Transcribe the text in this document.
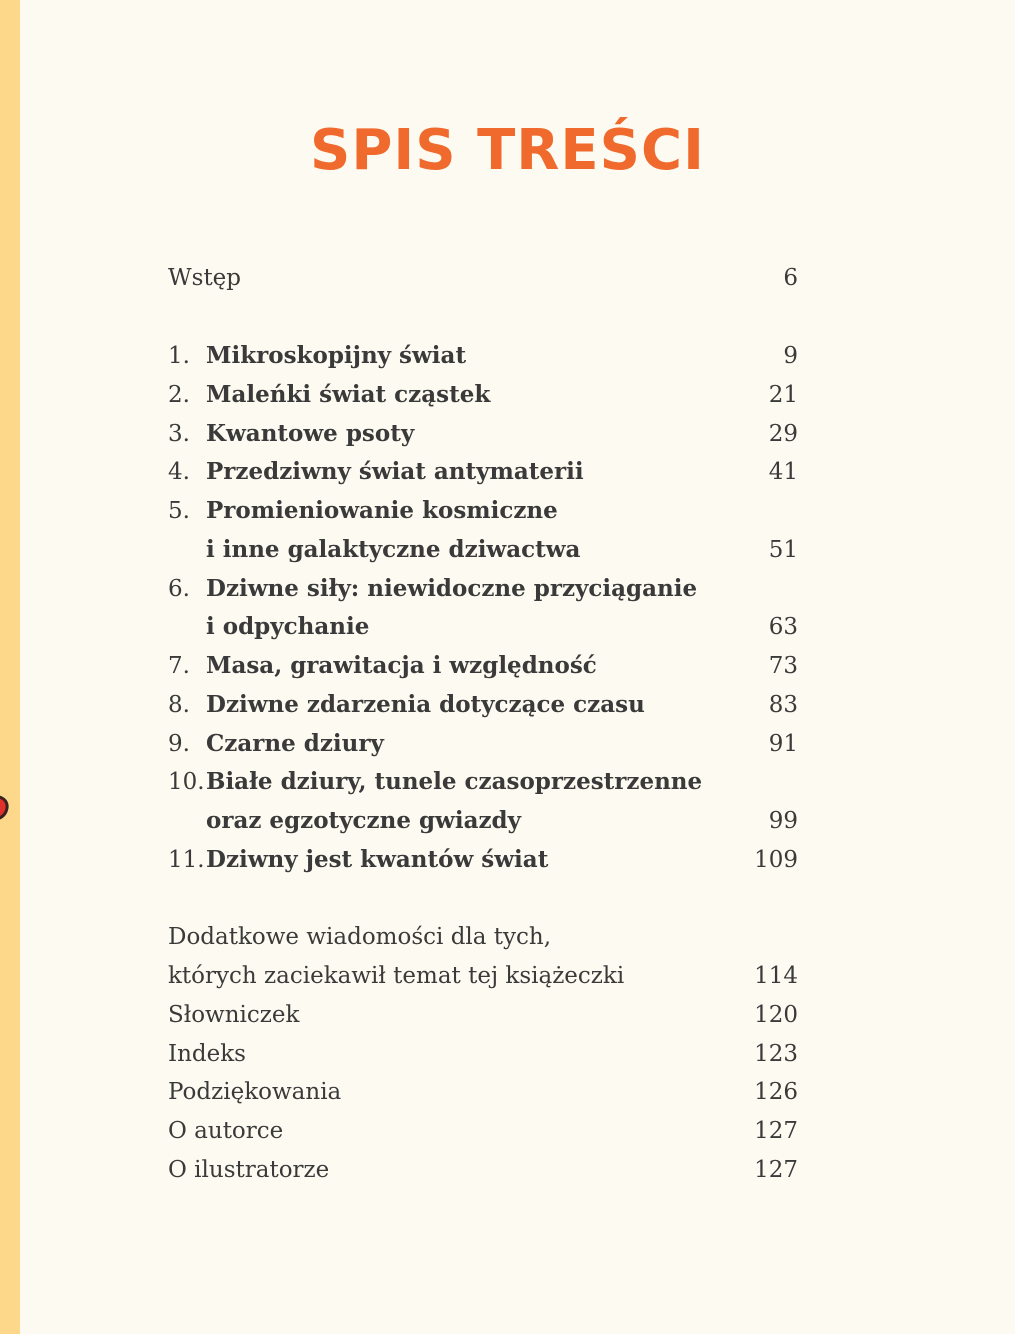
SPIS TREŚCI
Wstęp	6
1. Mikroskopijny świat	9
2. Maleńki świat cząstek	21
3. Kwantowe psoty	29
4. Przedziwny świat antymaterii	41
5. Promieniowanie kosmiczne
i inne galaktyczne dziwactwa	51
6. Dziwne siły: niewidoczne przyciąganie
i odpychanie	63
7. Masa, grawitacja i względność	73
8. Dziwne zdarzenia dotyczące czasu	83
9. Czarne dziury	91
10.Białe dziury, tunele czasoprzestrzenne
oraz egzotyczne gwiazdy	99
11.Dziwny jest kwantów świat	109
Dodatkowe wiadomości dla tych,
których zaciekawił temat tej książeczki	114
Słowniczek	120
Indeks	123
Podziękowania	126
O autorce	127
O ilustratorze	127
